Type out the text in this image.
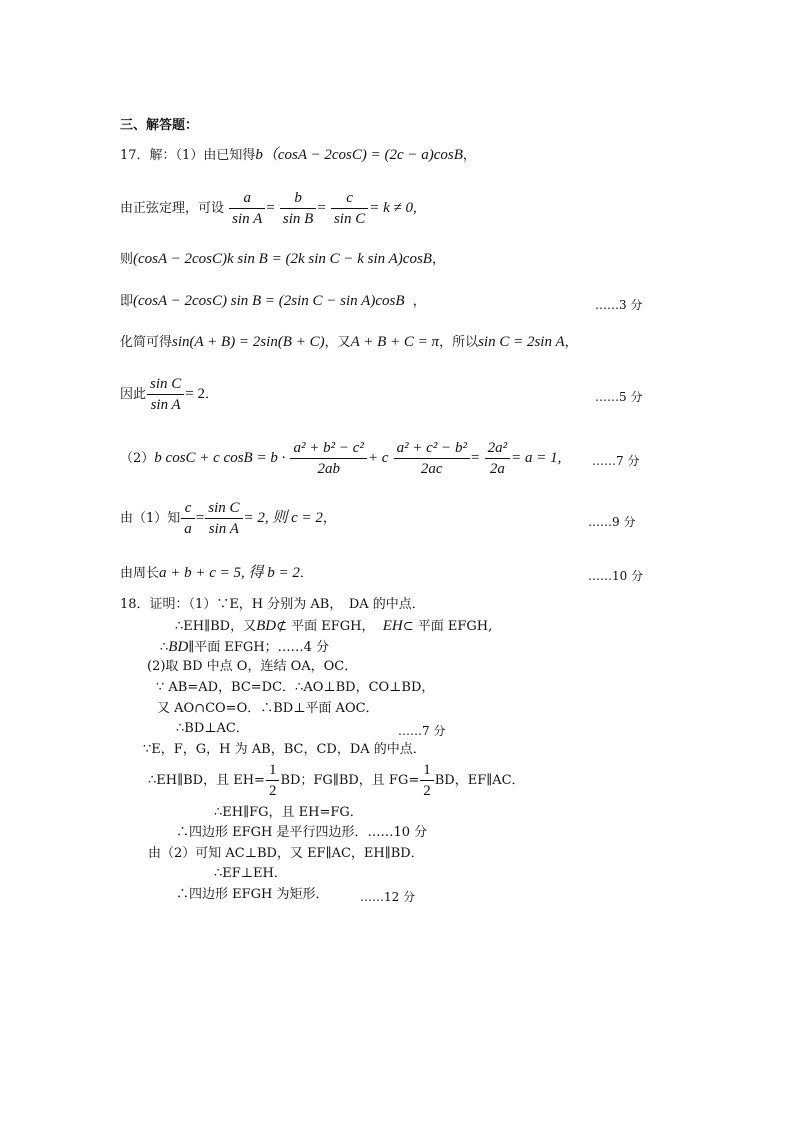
三、解答题：
17．解：（1）由已知得b（cosA − 2cosC) = (2c − a)cosB，
由正弦定理，可设 $\frac{a}{\text{sin A}} = \frac{b}{\text{sin B}} = \frac{c}{\text{sin C}} = k \ne 0$,
则(cosA − 2cosC)k sin B = (2k sin C − k sin A)cosB，
即(cosA − 2cosC) sin B = (2sin C − sin A)cosB ，	……3 分
化简可得sin(A + B) = 2sin(B + C)，又A + B + C = π，所以sin C = 2sin A，
因此 $\frac{\text{sin C}}{\text{sin A}} = 2$．	……5 分
（2）b cosC + c $\cos B = b \cdot \frac{\text{a² + b² − c²}}{2ab} + c \frac{\text{a² + c² − b²}}{2ac} = \frac{\text{2a²}}{2a} = a = 1$,	……7 分
由（1）知 $\frac{c}{a} = \frac{\text{sin C}}{\text{sin A}} = 2$, 则 c = 2，	……9 分
由周长a + b + c = 5, 得 b = 2．	……10 分
18．证明：（1）∵E，H 分别为 AB，　DA 的中点．
∴EH∥BD，又BD⊄ 平面 EFGH， EH⊂ 平面 EFGH,
∴BD∥平面 EFGH；……4 分
(2)取 BD 中点 O，连结 OA，OC．
∵ AB=AD，BC=DC．∴AO⊥BD，CO⊥BD，
又 AO∩CO=O．∴BD⊥平面 AOC．
∴BD⊥AC．	……7 分
∵E，F，G，H 为 AB，BC，CD，DA 的中点．
∴EH∥BD，且 $EH= \frac{1}{2}$ BD；FG∥BD，且 $FG= \frac{1}{2}$ BD，EF∥AC．
∴EH∥FG，且 EH=FG．
∴四边形 EFGH 是平行四边形．……10 分
由（2）可知 AC⊥BD，又 EF∥AC，EH∥BD．
∴EF⊥EH．
∴四边形 EFGH 为矩形．	……12 分
